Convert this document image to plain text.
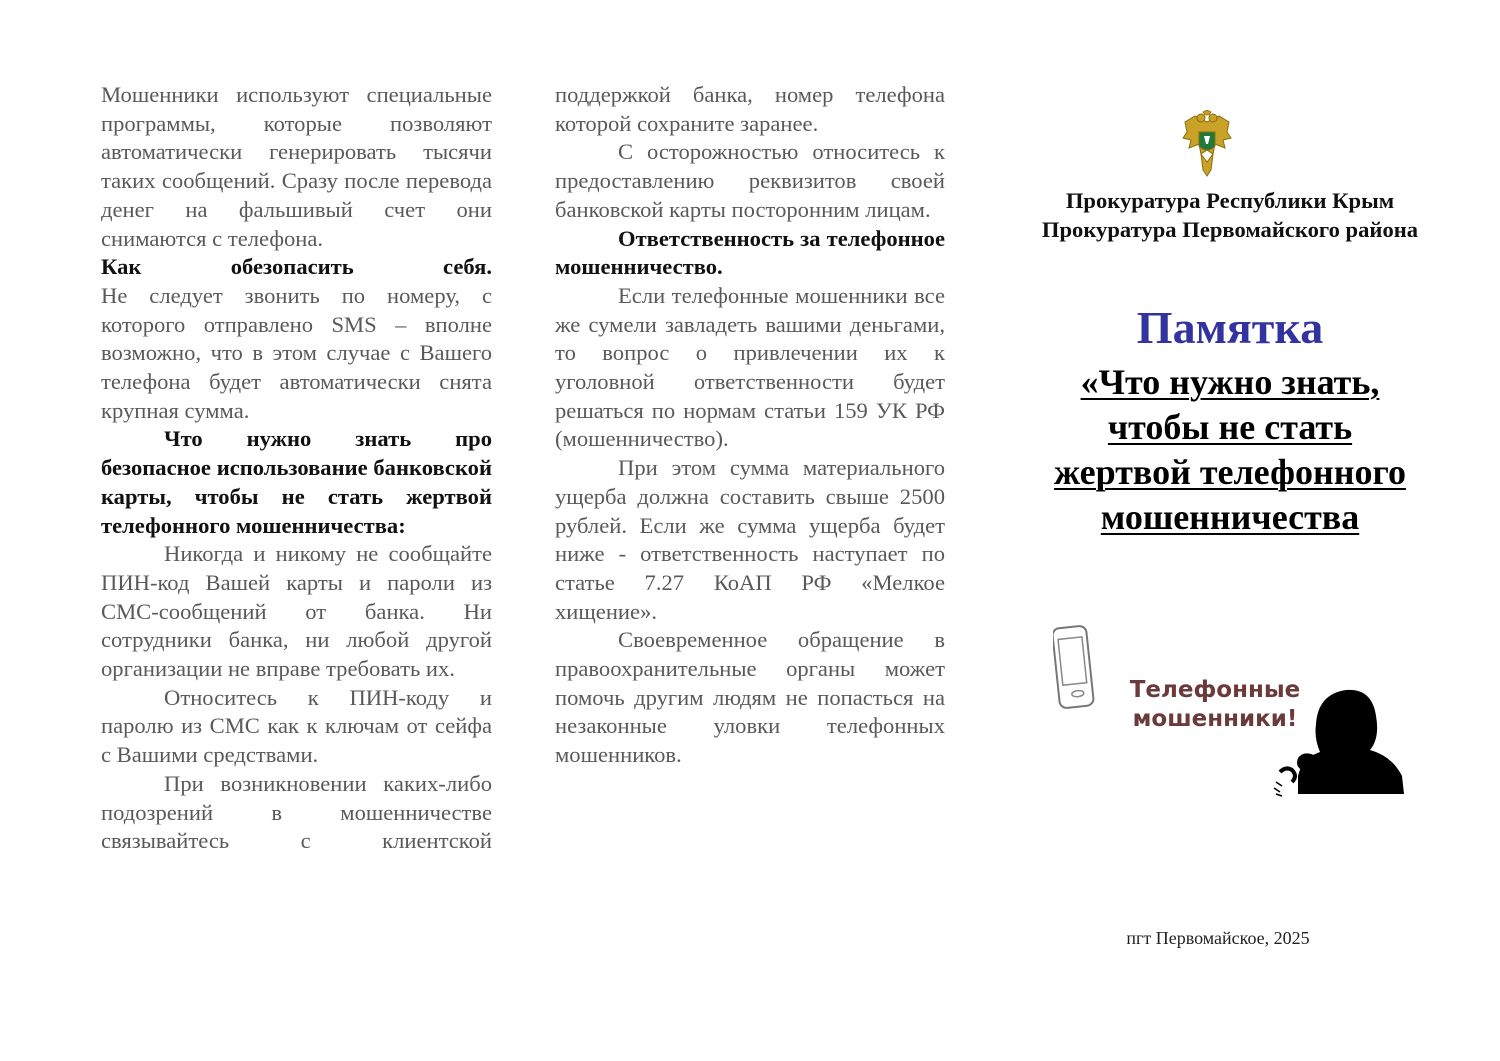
Мошенники используют специальные программы, которые позволяют автоматически генерировать тысячи таких сообщений. Сразу после перевода денег на фальшивый счет они снимаются с телефона.

Как обезопасить себя.

Не следует звонить по номеру, с которого отправлено SMS – вполне возможно, что в этом случае с Вашего телефона будет автоматически снята крупная сумма.

Что нужно знать про безопасное использование банковской карты, чтобы не стать жертвой телефонного мошенничества:

Никогда и никому не сообщайте ПИН-код Вашей карты и пароли из СМС-сообщений от банка. Ни сотрудники банка, ни любой другой организации не вправе требовать их.

Относитесь к ПИН-коду и паролю из СМС как к ключам от сейфа с Вашими средствами.

При возникновении каких-либо подозрений в мошенничестве связывайтесь с клиентской

поддержкой банка, номер телефона которой сохраните заранее.

С осторожностью относитесь к предоставлению реквизитов своей банковской карты посторонним лицам.

Ответственность за телефонное мошенничество.

Если телефонные мошенники все же сумели завладеть вашими деньгами, то вопрос о привлечении их к уголовной ответственности будет решаться по нормам статьи 159 УК РФ (мошенничество).

При этом сумма материального ущерба должна составить свыше 2500 рублей. Если же сумма ущерба будет ниже - ответственность наступает по статье 7.27 КоАП РФ «Мелкое хищение».

Своевременное обращение в правоохранительные органы может помочь другим людям не попасться на незаконные уловки телефонных мошенников.

Прокуратура Республики Крым
Прокуратура Первомайского района
Памятка
«Что нужно знать,
чтобы не стать
жертвой телефонного
мошенничества
Телефонные
мошенники!
пгт Первомайское, 2025
